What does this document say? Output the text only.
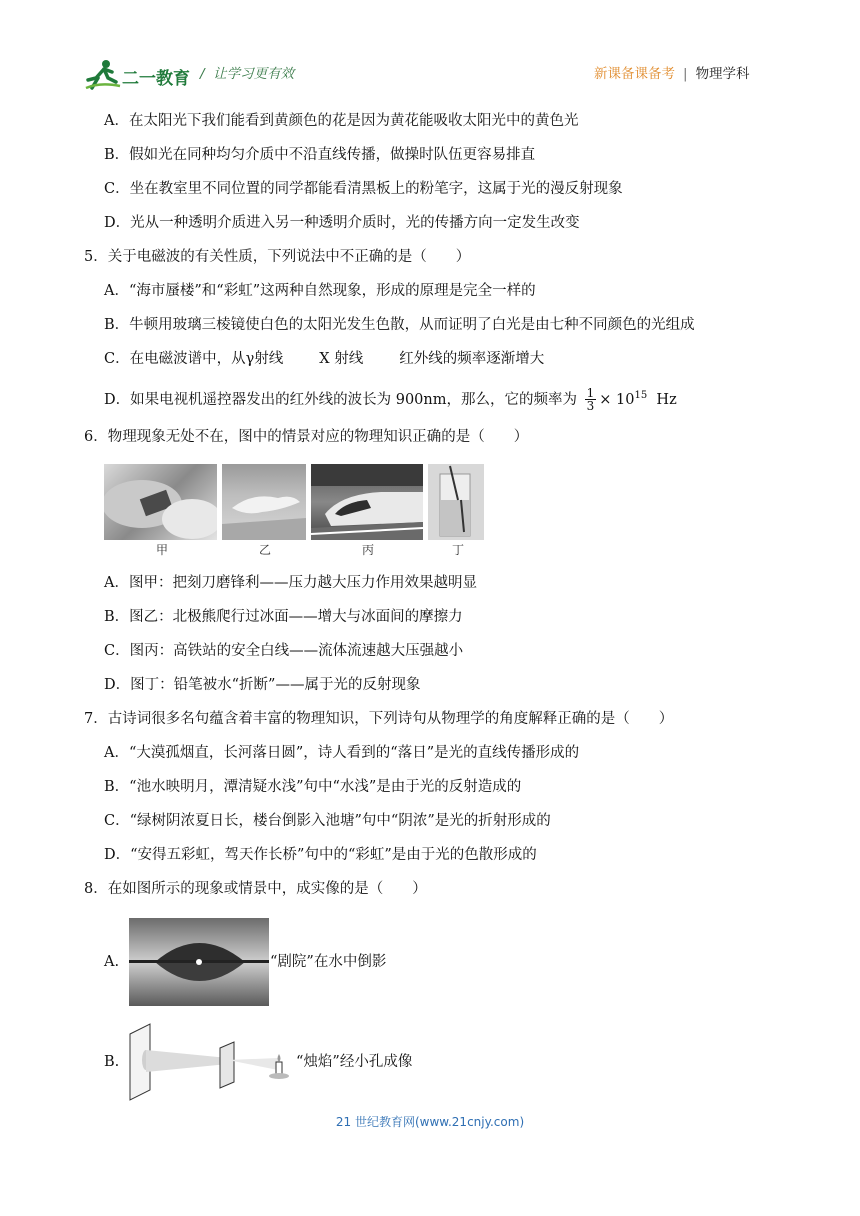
二一教育 /  让学习更有效	新课备课备考 | 物理学科
A．在太阳光下我们能看到黄颜色的花是因为黄花能吸收太阳光中的黄色光
B．假如光在同种均匀介质中不沿直线传播，做操时队伍更容易排直
C．坐在教室里不同位置的同学都能看清黑板上的粉笔字，这属于光的漫反射现象
D．光从一种透明介质进入另一种透明介质时，光的传播方向一定发生改变
5．关于电磁波的有关性质，下列说法中不正确的是（　　）
A．“海市蜃楼”和“彩虹”这两种自然现象，形成的原理是完全一样的
B．牛顿用玻璃三棱镜使白色的太阳光发生色散，从而证明了白光是由七种不同颜色的光组成
C．在电磁波谱中，从γ射线 X 射线 红外线的频率逐渐增大
D．如果电视机遥控器发出的红外线的波长为 900nm，那么，它的频率为 $\frac{1}{3} \times 10^{15}$ Hz
6．物理现象无处不在，图中的情景对应的物理知识正确的是（　　）
甲	乙	丙	丁
A．图甲：把刻刀磨锋利——压力越大压力作用效果越明显
B．图乙：北极熊爬行过冰面——增大与冰面间的摩擦力
C．图丙：高铁站的安全白线——流体流速越大压强越小
D．图丁：铅笔被水“折断”——属于光的反射现象
7．古诗词很多名句蕴含着丰富的物理知识，下列诗句从物理学的角度解释正确的是（　　）
A．“大漠孤烟直，长河落日圆”，诗人看到的“落日”是光的直线传播形成的
B．“池水映明月，潭清疑水浅”句中“水浅”是由于光的反射造成的
C．“绿树阴浓夏日长，楼台倒影入池塘”句中“阴浓”是光的折射形成的
D．“安得五彩虹，驾天作长桥”句中的“彩虹”是由于光的色散形成的
8．在如图所示的现象或情景中，成实像的是（　　）
A.	“剧院”在水中倒影
B.	“烛焰”经小孔成像
21 世纪教育网(www.21cnjy.com)
